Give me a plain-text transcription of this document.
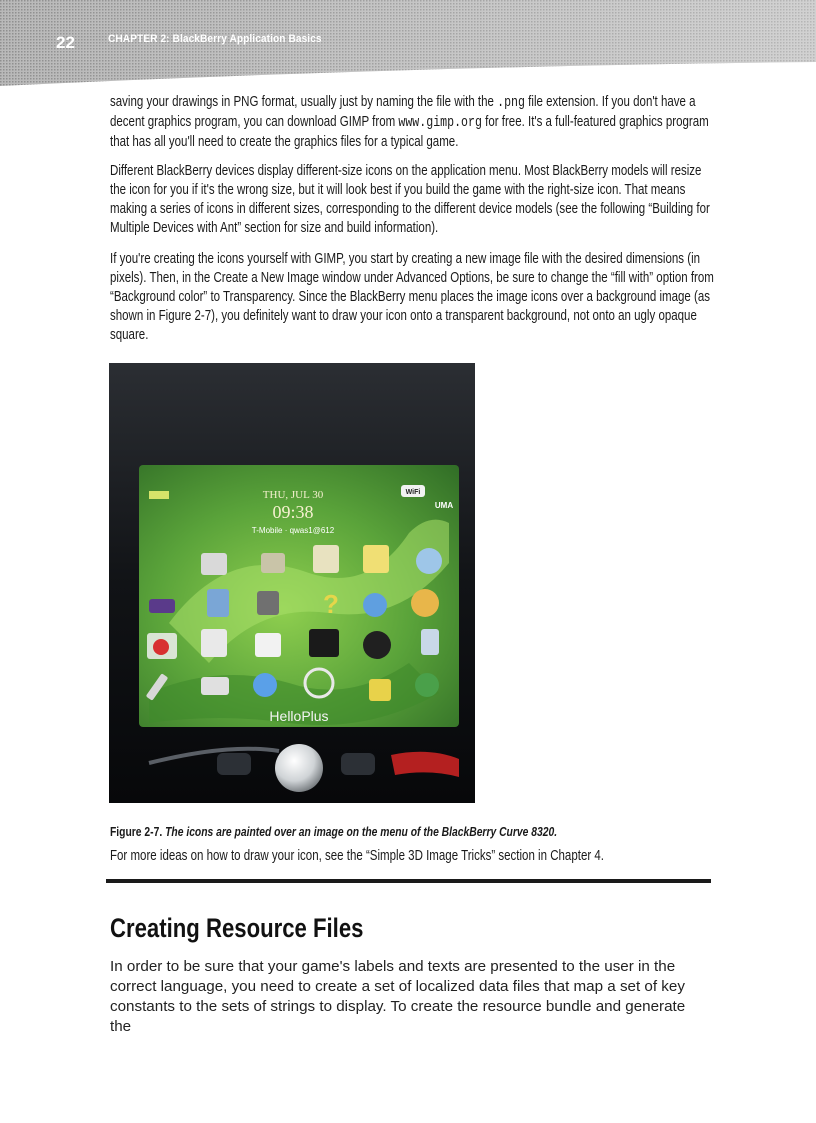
22	CHAPTER 2: BlackBerry Application Basics

saving your drawings in PNG format, usually just by naming the file with the .png file extension. If you don't have a decent graphics program, you can download GIMP from www.gimp.org for free. It's a full-featured graphics program that has all you'll need to create the graphics files for a typical game.

Different BlackBerry devices display different-size icons on the application menu. Most BlackBerry models will resize the icon for you if it's the wrong size, but it will look best if you build the game with the right-size icon. That means making a series of icons in different sizes, corresponding to the different device models (see the following “Building for Multiple Devices with Ant” section for size and build information).

If you're creating the icons yourself with GIMP, you start by creating a new image file with the desired dimensions (in pixels). Then, in the Create a New Image window under Advanced Options, be sure to change the “fill with” option from “Background color” to Transparency. Since the BlackBerry menu places the image icons over a background image (as shown in Figure 2-7), you definitely want to draw your icon onto a transparent background, not onto an ugly opaque square.

THU, JUL 30
09:38
T-Mobile · qwas1@612
WiFi
UMA
?
HelloPlus
Figure 2-7. The icons are painted over an image on the menu of the BlackBerry Curve 8320.

For more ideas on how to draw your icon, see the “Simple 3D Image Tricks” section in Chapter 4.

Creating Resource Files
In order to be sure that your game's labels and texts are presented to the user in the correct language, you need to create a set of localized data files that map a set of key constants to the sets of strings to display. To create the resource bundle and generate the
